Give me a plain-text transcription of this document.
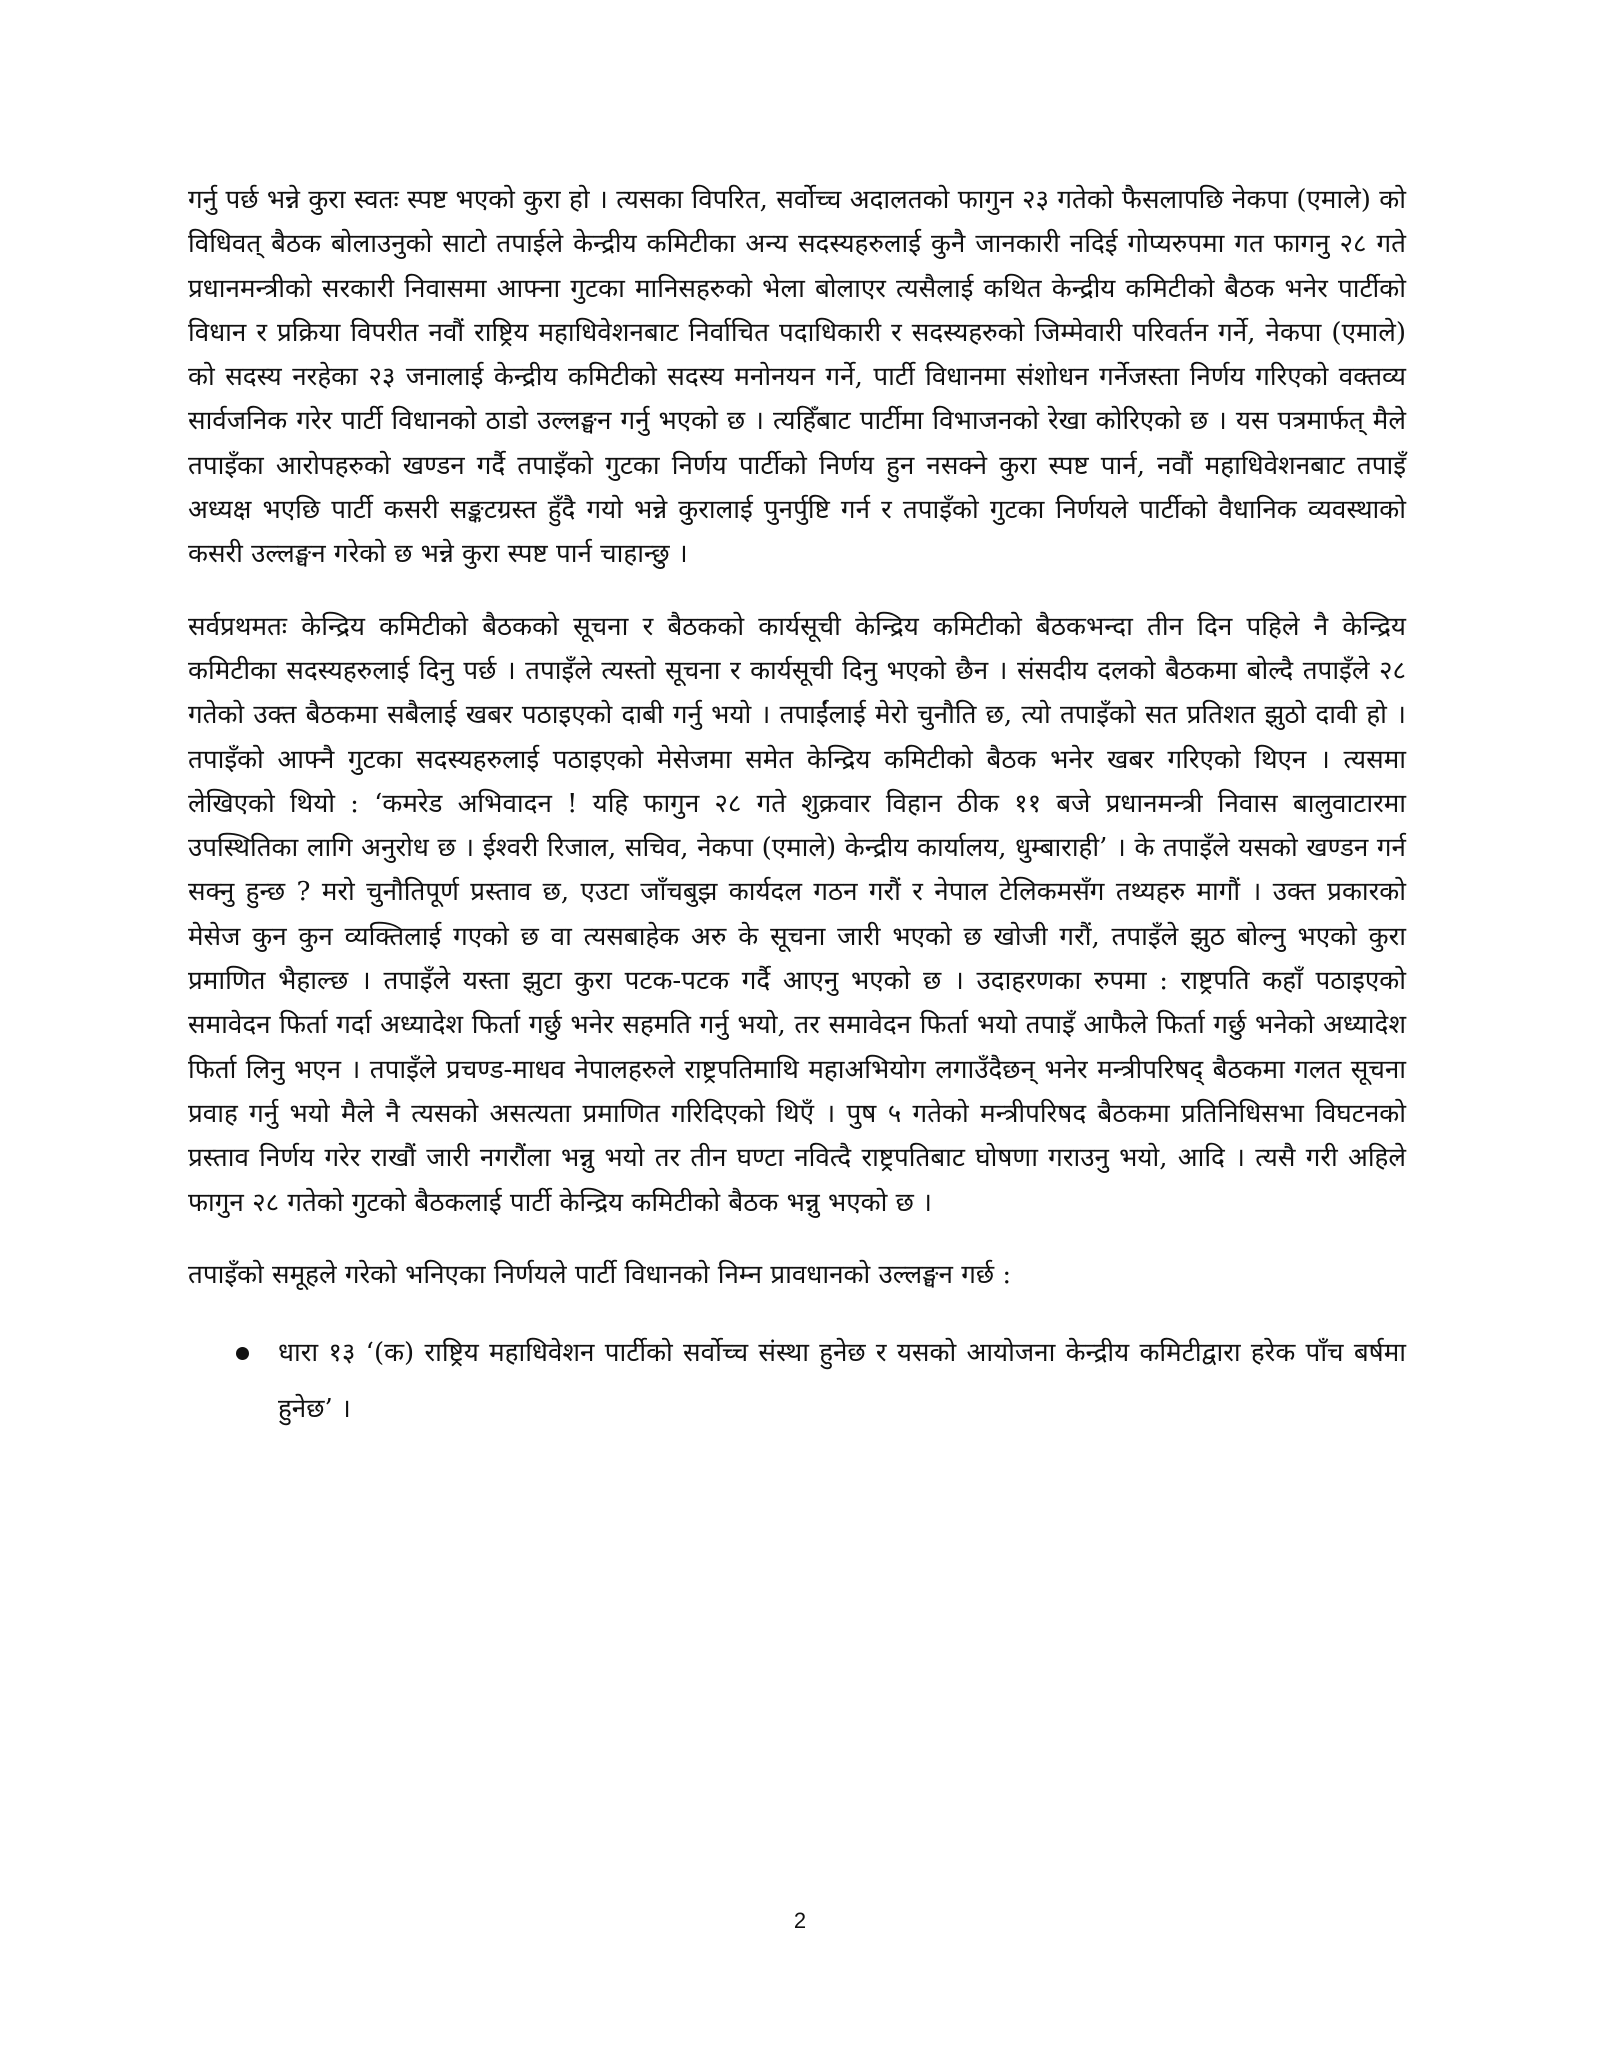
गर्नु पर्छ भन्ने कुरा स्वतः स्पष्ट भएको कुरा हो । त्यसका विपरित, सर्वोच्च अदालतको फागुन २३ गतेको फैसलापछि नेकपा (एमाले) को विधिवत् बैठक बोलाउनुको साटो तपाईले केन्द्रीय कमिटीका अन्य सदस्यहरुलाई कुनै जानकारी नदिई गोप्यरुपमा गत फागनु २८ गते प्रधानमन्त्रीको सरकारी निवासमा आफ्ना गुटका मानिसहरुको भेला बोलाएर त्यसैलाई कथित केन्द्रीय कमिटीको बैठक भनेर पार्टीको विधान र प्रक्रिया विपरीत नवौं राष्ट्रिय महाधिवेशनबाट निर्वाचित पदाधिकारी र सदस्यहरुको जिम्मेवारी परिवर्तन गर्ने, नेकपा (एमाले) को सदस्य नरहेका २३ जनालाई केन्द्रीय कमिटीको सदस्य मनोनयन गर्ने, पार्टी विधानमा संशोधन गर्नेजस्ता निर्णय गरिएको वक्तव्य सार्वजनिक गरेर पार्टी विधानको ठाडो उल्लङ्घन गर्नु भएको छ । त्यहिँबाट पार्टीमा विभाजनको रेखा कोरिएको छ । यस पत्रमार्फत् मैले तपाइँका आरोपहरुको खण्डन गर्दै तपाइँको गुटका निर्णय पार्टीको निर्णय हुन नसक्ने कुरा स्पष्ट पार्न, नवौं महाधिवेशनबाट तपाइँ अध्यक्ष भएछि पार्टी कसरी सङ्कटग्रस्त हुँदै गयो भन्ने कुरालाई पुनर्पुष्टि गर्न र तपाइँको गुटका निर्णयले पार्टीको वैधानिक व्यवस्थाको कसरी उल्लङ्घन गरेको छ भन्ने कुरा स्पष्ट पार्न चाहान्छु ।

सर्वप्रथमतः केन्द्रिय कमिटीको बैठकको सूचना र बैठकको कार्यसूची केन्द्रिय कमिटीको बैठकभन्दा तीन दिन पहिले नै केन्द्रिय कमिटीका सदस्यहरुलाई दिनु पर्छ । तपाइँले त्यस्तो सूचना र कार्यसूची दिनु भएको छैन । संसदीय दलको बैठकमा बोल्दै तपाइँले २८ गतेको उक्त बैठकमा सबैलाई खबर पठाइएको दाबी गर्नु भयो । तपाईंलाई मेरो चुनौति छ, त्यो तपाइँको सत प्रतिशत झुठो दावी हो । तपाइँको आफ्नै गुटका सदस्यहरुलाई पठाइएको मेसेजमा समेत केन्द्रिय कमिटीको बैठक भनेर खबर गरिएको थिएन । त्यसमा लेखिएको थियो : ‘कमरेड अभिवादन ! यहि फागुन २८ गते शुक्रवार विहान ठीक ११ बजे प्रधानमन्त्री निवास बालुवाटारमा उपस्थितिका लागि अनुरोध छ । ईश्वरी रिजाल, सचिव, नेकपा (एमाले) केन्द्रीय कार्यालय, धुम्बाराही’ । के तपाइँले यसको खण्डन गर्न सक्नु हुन्छ ? मरो चुनौतिपूर्ण प्रस्ताव छ, एउटा जाँचबुझ कार्यदल गठन गरौं र नेपाल टेलिकमसँग तथ्यहरु मागौं । उक्त प्रकारको मेसेज कुन कुन व्यक्तिलाई गएको छ वा त्यसबाहेक अरु के सूचना जारी भएको छ खोजी गरौं, तपाइँले झुठ बोल्नु भएको कुरा प्रमाणित भैहाल्छ । तपाइँले यस्ता झुटा कुरा पटक-पटक गर्दै आएनु भएको छ । उदाहरणका रुपमा : राष्ट्रपति कहाँ पठाइएको समावेदन फिर्ता गर्दा अध्यादेश फिर्ता गर्छु भनेर सहमति गर्नु भयो, तर समावेदन फिर्ता भयो तपाइँ आफैले फिर्ता गर्छु भनेको अध्यादेश फिर्ता लिनु भएन । तपाइँले प्रचण्ड-माधव नेपालहरुले राष्ट्रपतिमाथि महाअभियोग लगाउँदैछन् भनेर मन्त्रीपरिषद् बैठकमा गलत सूचना प्रवाह गर्नु भयो मैले नै त्यसको असत्यता प्रमाणित गरिदिएको थिएँ । पुष ५ गतेको मन्त्रीपरिषद बैठकमा प्रतिनिधिसभा विघटनको प्रस्ताव निर्णय गरेर राखौं जारी नगरौंला भन्नु भयो तर तीन घण्टा नवित्दै राष्ट्रपतिबाट घोषणा गराउनु भयो, आदि । त्यसै गरी अहिले फागुन २८ गतेको गुटको बैठकलाई पार्टी केन्द्रिय कमिटीको बैठक भन्नु भएको छ ।

तपाइँको समूहले गरेको भनिएका निर्णयले पार्टी विधानको निम्न प्रावधानको उल्लङ्घन गर्छ :

धारा १३ ‘(क) राष्ट्रिय महाधिवेशन पार्टीको सर्वोच्च संस्था हुनेछ र यसको आयोजना केन्द्रीय कमिटीद्वारा हरेक पाँच बर्षमा हुनेछ’ ।
2
